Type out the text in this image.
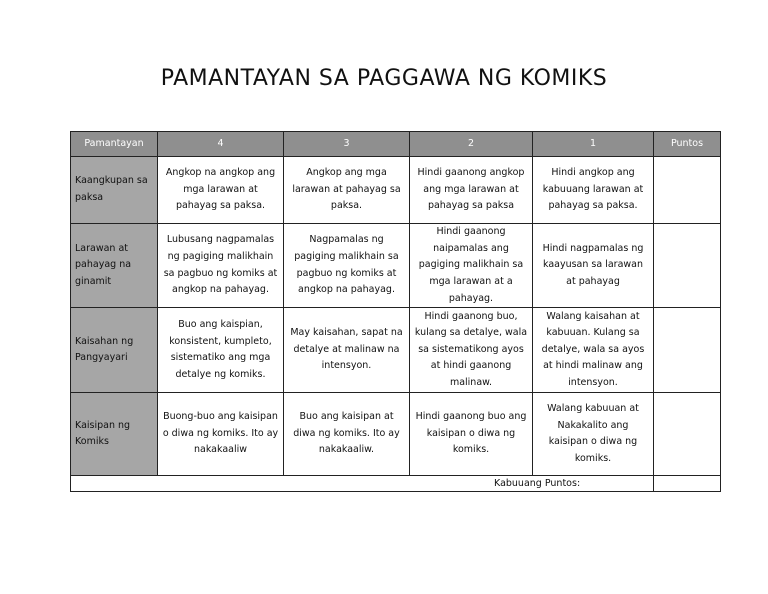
PAMANTAYAN SA PAGGAWA NG KOMIKS
Pamantayan	4	3	2	1	Puntos
Kaangkupan sa paksa	Angkop na angkop ang mga larawan at pahayag sa paksa.	Angkop ang mga larawan at pahayag sa paksa.	Hindi gaanong angkop ang mga larawan at pahayag sa paksa	Hindi angkop ang kabuuang larawan at pahayag sa paksa.	
Larawan at pahayag na ginamit	Lubusang nagpamalas ng pagiging malikhain sa pagbuo ng komiks at angkop na pahayag.	Nagpamalas ng pagiging malikhain sa pagbuo ng komiks at angkop na pahayag.	Hindi gaanong naipamalas ang pagiging malikhain sa mga larawan at a pahayag.	Hindi nagpamalas ng kaayusan sa larawan at pahayag	
Kaisahan ng Pangyayari	Buo ang kaispian, konsistent, kumpleto, sistematiko ang mga detalye ng komiks.	May kaisahan, sapat na detalye at malinaw na intensyon.	Hindi gaanong buo, kulang sa detalye, wala sa sistematikong ayos at hindi gaanong malinaw.	Walang kaisahan at kabuuan. Kulang sa detalye, wala sa ayos at hindi malinaw ang intensyon.	
Kaisipan ng Komiks	Buong-buo ang kaisipan o diwa ng komiks. Ito ay nakakaaliw	Buo ang kaisipan at diwa ng komiks. Ito ay nakakaaliw.	Hindi gaanong buo ang kaisipan o diwa ng komiks.	Walang kabuuan at Nakakalito ang kaisipan o diwa ng komiks.	
Kabuuang Puntos:					
